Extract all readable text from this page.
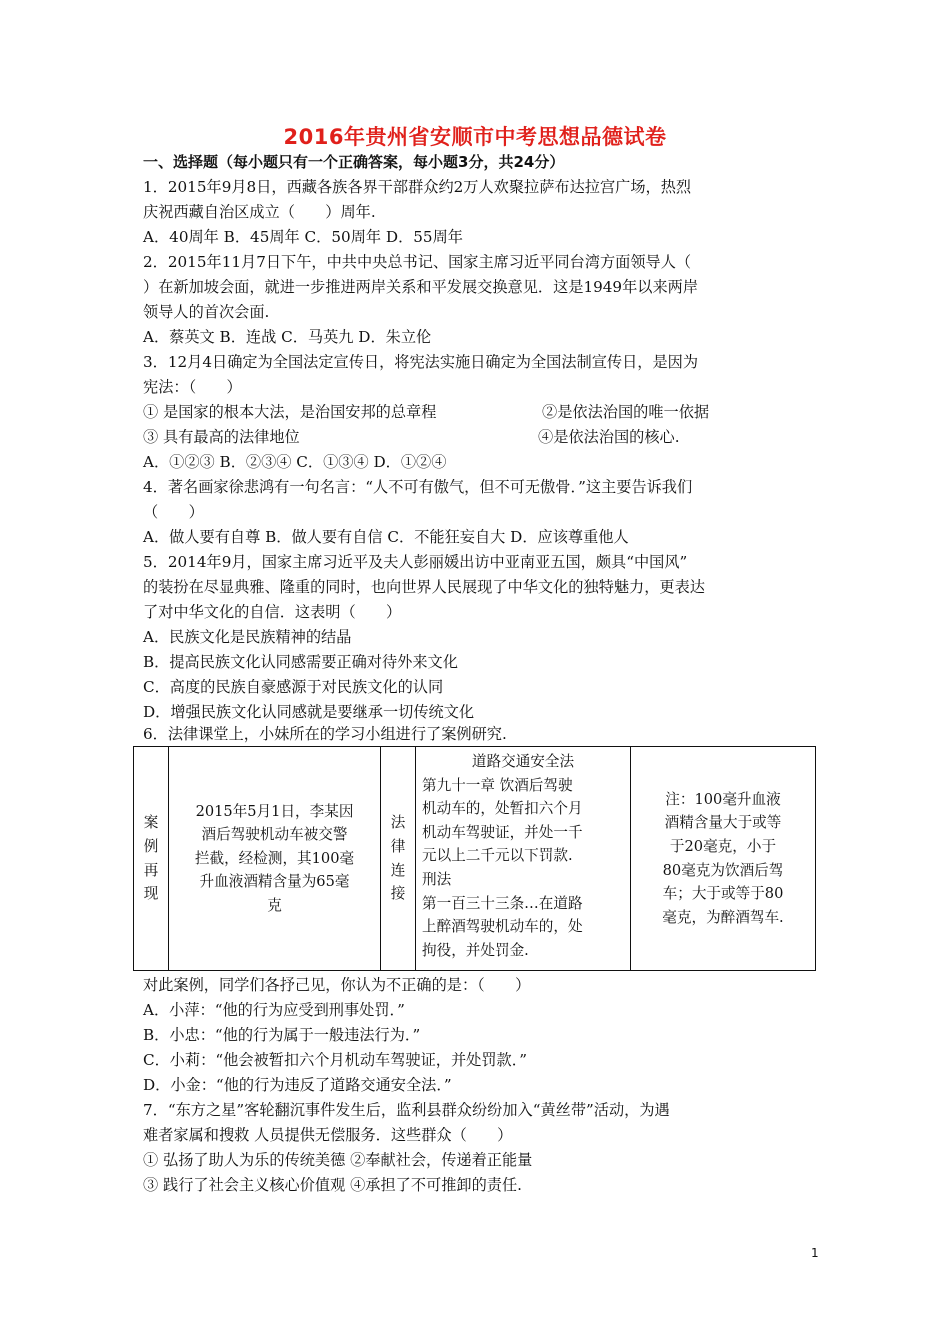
2016年贵州省安顺市中考思想品德试卷
一、选择题（每小题只有一个正确答案，每小题3分，共24分）
1．2015年9月8日，西藏各族各界干部群众约2万人欢聚拉萨布达拉宫广场，热烈
庆祝西藏自治区成立（　　）周年.
A．40周年 B．45周年 C．50周年 D．55周年
2．2015年11月7日下午，中共中央总书记、国家主席习近平同台湾方面领导人（
）在新加坡会面，就进一步推进两岸关系和平发展交换意见．这是1949年以来两岸
领导人的首次会面.
A．蔡英文 B．连战 C．马英九 D．朱立伦
3．12月4日确定为全国法定宣传日，将宪法实施日确定为全国法制宣传日，是因为
宪法：（　　）
① 是国家的根本大法，是治国安邦的总章程	②是依法治国的唯一依据
③ 具有最高的法律地位	④是依法治国的核心.
A．①②③ B．②③④ C．①③④ D．①②④
4．著名画家徐悲鸿有一句名言：“人不可有傲气，但不可无傲骨．”这主要告诉我们
（　　）
A．做人要有自尊 B．做人要有自信 C．不能狂妄自大 D．应该尊重他人
5．2014年9月，国家主席习近平及夫人彭丽媛出访中亚南亚五国，颇具“中国风”
的装扮在尽显典雅、隆重的同时，也向世界人民展现了中华文化的独特魅力，更表达
了对中华文化的自信．这表明（　　）
A．民族文化是民族精神的结晶
B．提高民族文化认同感需要正确对待外来文化
C．高度的民族自豪感源于对民族文化的认同
D．增强民族文化认同感就是要继承一切传统文化
6．法律课堂上，小妹所在的学习小组进行了案例研究.
案
例
再
现

2015年5月1日，李某因
酒后驾驶机动车被交警
拦截，经检测，其100毫
升血液酒精含量为65毫
克

法
律
连
接

道路交通安全法
第九十一章 饮酒后驾驶
机动车的，处暂扣六个月
机动车驾驶证，并处一千
元以上二千元以下罚款.
刑法
第一百三十三条…在道路
上醉酒驾驶机动车的，处
拘役，并处罚金.

注：100毫升血液
酒精含量大于或等
于20毫克，小于
80毫克为饮酒后驾
车；大于或等于80
毫克，为醉酒驾车.
对此案例，同学们各抒己见，你认为不正确的是：（　　）
A．小萍：“他的行为应受到刑事处罚．”
B．小忠：“他的行为属于一般违法行为．”
C．小莉：“他会被暂扣六个月机动车驾驶证，并处罚款．”
D．小金：“他的行为违反了道路交通安全法．”
7．“东方之星”客轮翻沉事件发生后，监利县群众纷纷加入“黄丝带”活动，为遇
难者家属和搜救 人员提供无偿服务．这些群众（　　）
① 弘扬了助人为乐的传统美德 ②奉献社会，传递着正能量
③ 践行了社会主义核心价值观 ④承担了不可推卸的责任.
1
